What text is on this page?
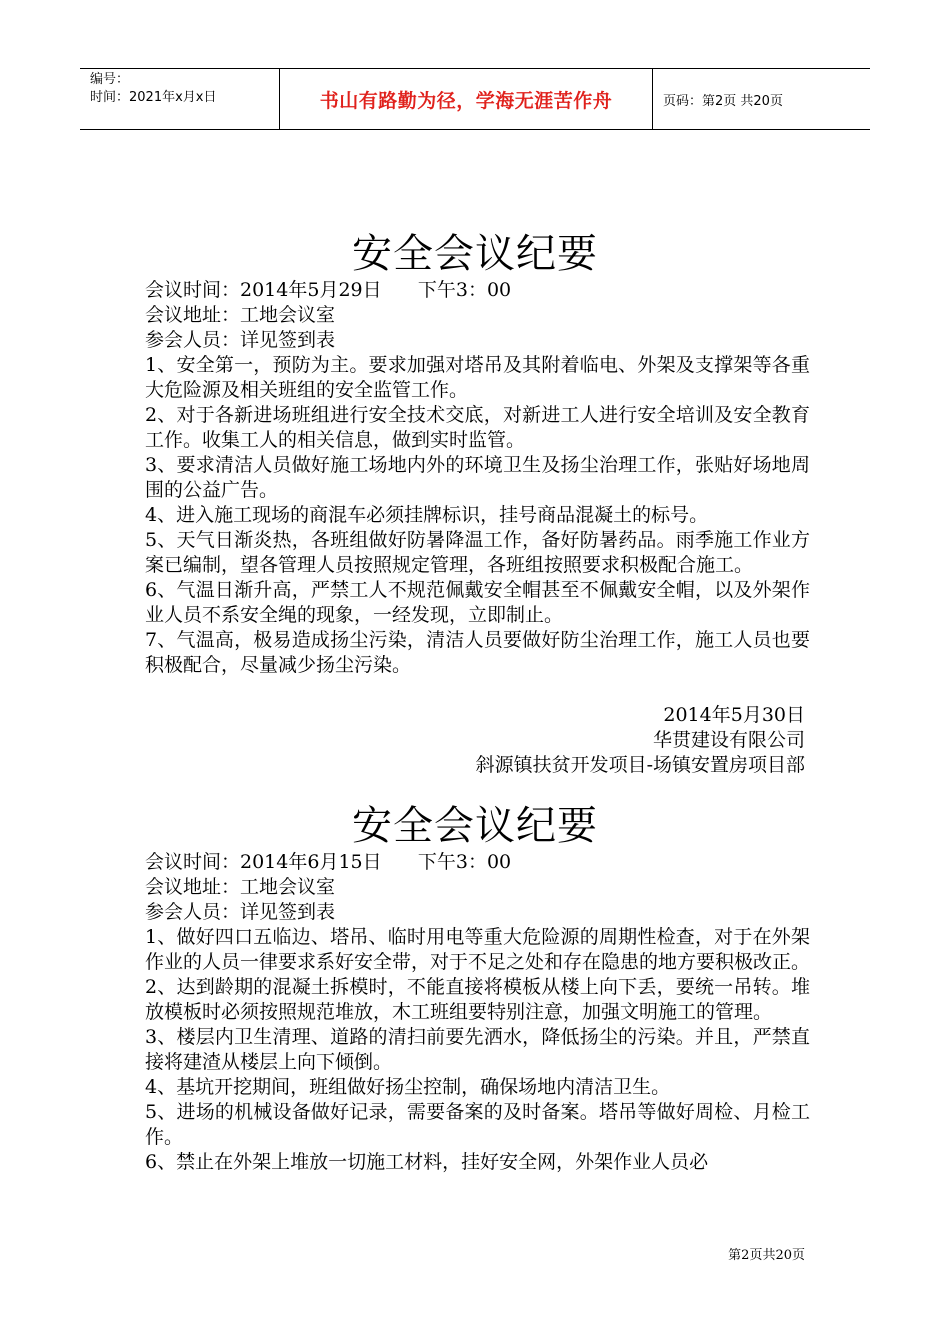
编号：
时间：2021年x月x日	书山有路勤为径，学海无涯苦作舟	页码：第2页 共20页
安全会议纪要
会议时间：2014年5月29日      下午3：00
会议地址：工地会议室
参会人员：详见签到表
1、安全第一，预防为主。要求加强对塔吊及其附着临电、外架及支撑架等各重大危险源及相关班组的安全监管工作。
2、对于各新进场班组进行安全技术交底，对新进工人进行安全培训及安全教育工作。收集工人的相关信息，做到实时监管。
3、要求清洁人员做好施工场地内外的环境卫生及扬尘治理工作，张贴好场地周围的公益广告。
4、进入施工现场的商混车必须挂牌标识，挂号商品混凝土的标号。
5、天气日渐炎热，各班组做好防暑降温工作，备好防暑药品。雨季施工作业方案已编制，望各管理人员按照规定管理，各班组按照要求积极配合施工。
6、气温日渐升高，严禁工人不规范佩戴安全帽甚至不佩戴安全帽，以及外架作业人员不系安全绳的现象，一经发现，立即制止。
7、气温高，极易造成扬尘污染，清洁人员要做好防尘治理工作，施工人员也要积极配合，尽量减少扬尘污染。
2014年5月30日
华贯建设有限公司
斜源镇扶贫开发项目-场镇安置房项目部
安全会议纪要
会议时间：2014年6月15日      下午3：00
会议地址：工地会议室
参会人员：详见签到表
1、做好四口五临边、塔吊、临时用电等重大危险源的周期性检查，对于在外架作业的人员一律要求系好安全带，对于不足之处和存在隐患的地方要积极改正。
2、达到龄期的混凝土拆模时，不能直接将模板从楼上向下丢，要统一吊转。堆放模板时必须按照规范堆放，木工班组要特别注意，加强文明施工的管理。
3、楼层内卫生清理、道路的清扫前要先洒水，降低扬尘的污染。并且，严禁直接将建渣从楼层上向下倾倒。
4、基坑开挖期间，班组做好扬尘控制，确保场地内清洁卫生。
5、进场的机械设备做好记录，需要备案的及时备案。塔吊等做好周检、月检工作。
6、禁止在外架上堆放一切施工材料，挂好安全网，外架作业人员必
第2页共20页
